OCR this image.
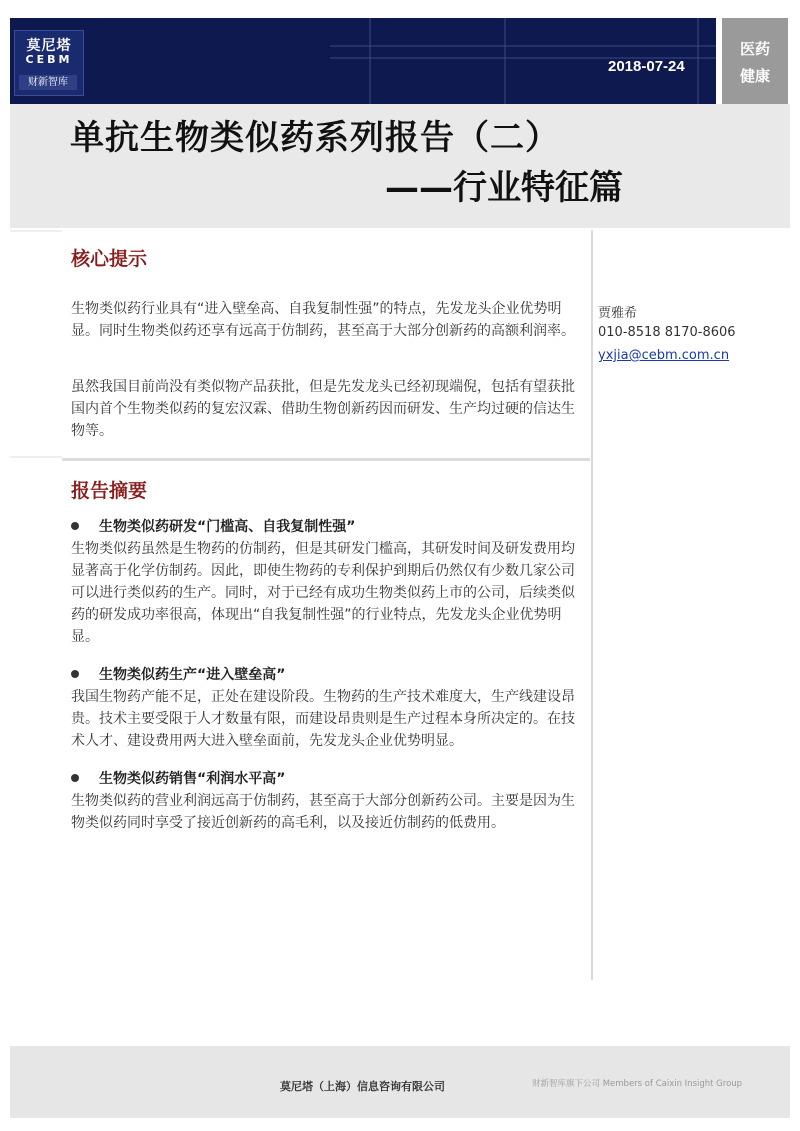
莫尼塔
CEBM
财新智库
2018-07-24
医药
健康
单抗生物类似药系列报告（二）
——行业特征篇
核心提示

生物类似药行业具有“进入壁垒高、自我复制性强”的特点，先发龙头企业优势明显。同时生物类似药还享有远高于仿制药，甚至高于大部分创新药的高额利润率。

虽然我国目前尚没有类似物产品获批，但是先发龙头已经初现端倪，包括有望获批国内首个生物类似药的复宏汉霖、借助生物创新药因而研发、生产均过硬的信达生物等。

贾雅希
010-8518 8170-8606
yxjia@cebm.com.cn
报告摘要
生物类似药研发“门槛高、自我复制性强”

生物类似药虽然是生物药的仿制药，但是其研发门槛高，其研发时间及研发费用均显著高于化学仿制药。因此，即使生物药的专利保护到期后仍然仅有少数几家公司可以进行类似药的生产。同时，对于已经有成功生物类似药上市的公司，后续类似药的研发成功率很高，体现出“自我复制性强”的行业特点，先发龙头企业优势明显。

生物类似药生产“进入壁垒高”

我国生物药产能不足，正处在建设阶段。生物药的生产技术难度大，生产线建设昂贵。技术主要受限于人才数量有限，而建设昂贵则是生产过程本身所决定的。在技术人才、建设费用两大进入壁垒面前，先发龙头企业优势明显。

生物类似药销售“利润水平高”

生物类似药的营业利润远高于仿制药，甚至高于大部分创新药公司。主要是因为生物类似药同时享受了接近创新药的高毛利，以及接近仿制药的低费用。

莫尼塔（上海）信息咨询有限公司	财新智库旗下公司 Members of Caixin Insight Group
